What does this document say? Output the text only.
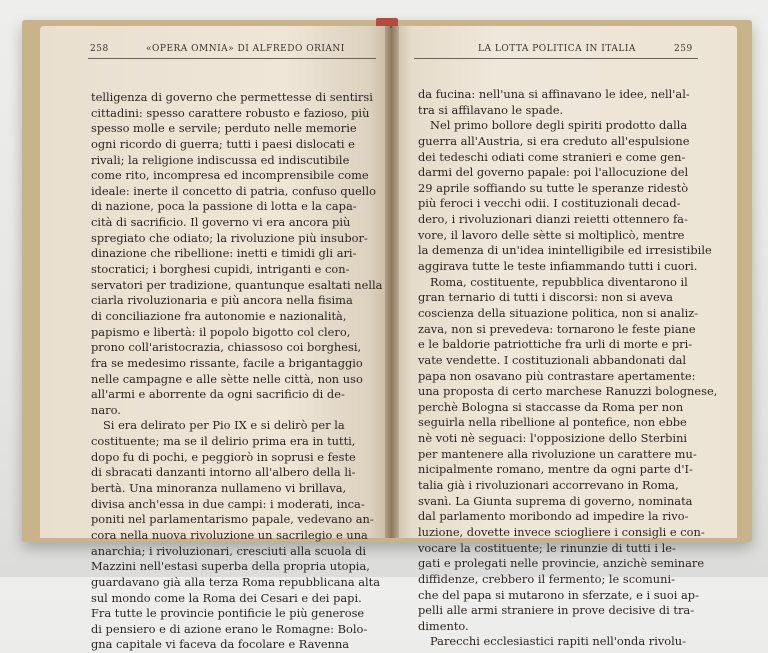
258	«OPERA OMNIA» DI ALFREDO ORIANI	LA LOTTA POLITICA IN ITALIA	259
telligenza di governo che permettesse di sentirsi
cittadini: spesso carattere robusto e fazioso, più
spesso molle e servile; perduto nelle memorie
ogni ricordo di guerra; tutti i paesi dislocati e
rivali; la religione indiscussa ed indiscutibile
come rito, incompresa ed incomprensibile come
ideale: inerte il concetto di patria, confuso quello
di nazione, poca la passione di lotta e la capa-
cità di sacrificio. Il governo vi era ancora più
spregiato che odiato; la rivoluzione più insubor-
dinazione che ribellione: inetti e timidi gli ari-
stocratici; i borghesi cupidi, intriganti e con-
servatori per tradizione, quantunque esaltati nella
ciarla rivoluzionaria e più ancora nella fisima
di conciliazione fra autonomie e nazionalità,
papismo e libertà: il popolo bigotto col clero,
prono coll'aristocrazia, chiassoso coi borghesi,
fra se medesimo rissante, facile a brigantaggio
nelle campagne e alle sètte nelle città, non uso
all'armi e aborrente da ogni sacrificio di de-
naro.
Si era delirato per Pio IX e si delirò per la
costituente; ma se il delirio prima era in tutti,
dopo fu di pochi, e peggiorò in soprusi e feste
di sbracati danzanti intorno all'albero della li-
bertà. Una minoranza nullameno vi brillava,
divisa anch'essa in due campi: i moderati, inca-
poniti nel parlamentarismo papale, vedevano an-
cora nella nuova rivoluzione un sacrilegio e una
anarchia; i rivoluzionari, cresciuti alla scuola di
Mazzini nell'estasi superba della propria utopia,
guardavano già alla terza Roma repubblicana alta
sul mondo come la Roma dei Cesari e dei papi.
Fra tutte le provincie pontificie le più generose
di pensiero e di azione erano le Romagne: Bolo-
gna capitale vi faceva da focolare e Ravenna
da fucina: nell'una si affinavano le idee, nell'al-
tra si affilavano le spade.
Nel primo bollore degli spiriti prodotto dalla
guerra all'Austria, si era creduto all'espulsione
dei tedeschi odiati come stranieri e come gen-
darmi del governo papale: poi l'allocuzione del
29 aprile soffiando su tutte le speranze ridestò
più feroci i vecchi odii. I costituzionali decad-
dero, i rivoluzionari dianzi reietti ottennero fa-
vore, il lavoro delle sètte si moltiplicò, mentre
la demenza di un'idea inintelligibile ed irresistibile
aggirava tutte le teste infiammando tutti i cuori.
Roma, costituente, repubblica diventarono il
gran ternario di tutti i discorsi: non si aveva
coscienza della situazione politica, non si analiz-
zava, non si prevedeva: tornarono le feste piane
e le baldorie patriottiche fra urli di morte e pri-
vate vendette. I costituzionali abbandonati dal
papa non osavano più contrastare apertamente:
una proposta di certo marchese Ranuzzi bolognese,
perchè Bologna si staccasse da Roma per non
seguirla nella ribellione al pontefice, non ebbe
nè voti nè seguaci: l'opposizione dello Sterbini
per mantenere alla rivoluzione un carattere mu-
nicipalmente romano, mentre da ogni parte d'I-
talia già i rivoluzionari accorrevano in Roma,
svanì. La Giunta suprema di governo, nominata
dal parlamento moribondo ad impedire la rivo-
luzione, dovette invece sciogliere i consigli e con-
vocare la costituente; le rinunzie di tutti i le-
gati e prolegati nelle provincie, anzichè seminare
diffidenze, crebbero il fermento; le scomuni-
che del papa si mutarono in sferzate, e i suoi ap-
pelli alle armi straniere in prove decisive di tra-
dimento.
Parecchi ecclesiastici rapiti nell'onda rivolu-
